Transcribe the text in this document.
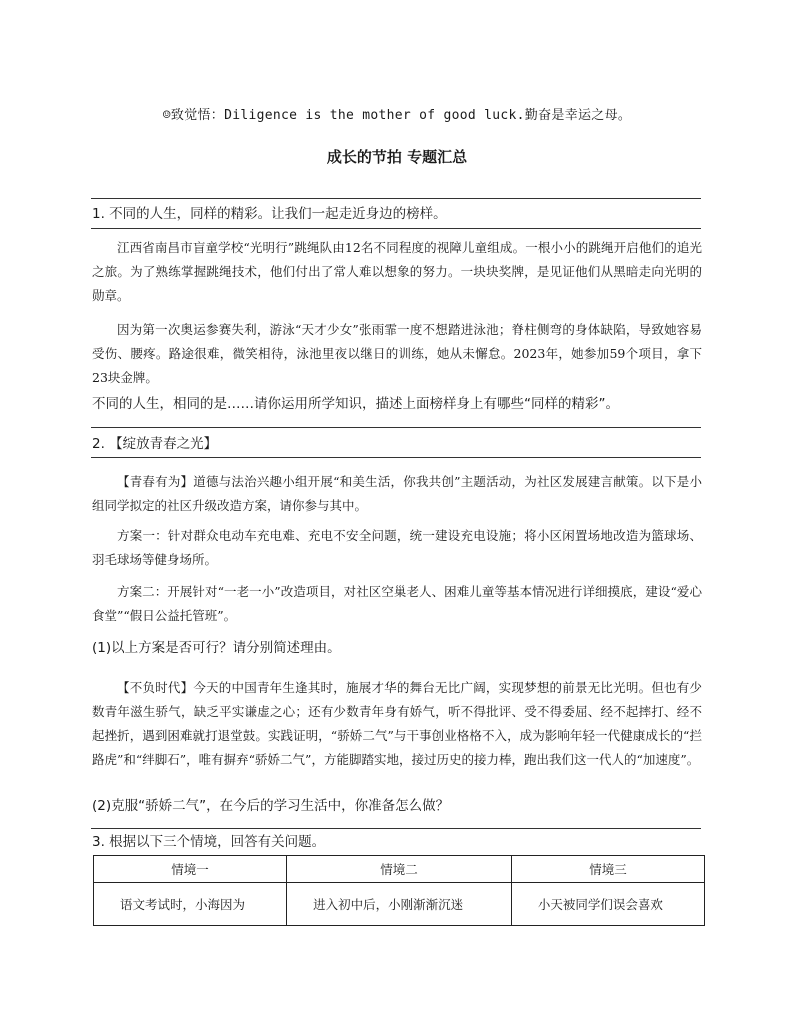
☺致觉悟：Diligence is the mother of good luck.勤奋是幸运之母。
成长的节拍 专题汇总
1. 不同的人生，同样的精彩。让我们一起走近身边的榜样。
江西省南昌市盲童学校“光明行”跳绳队由12名不同程度的视障儿童组成。一根小小的跳绳开启他们的追光之旅。为了熟练掌握跳绳技术，他们付出了常人难以想象的努力。一块块奖牌，是见证他们从黑暗走向光明的勋章。
因为第一次奥运参赛失利，游泳“天才少女”张雨霏一度不想踏进泳池；脊柱侧弯的身体缺陷，导致她容易受伤、腰疼。路途很难，微笑相待，泳池里夜以继日的训练，她从未懈怠。2023年，她参加59个项目，拿下23块金牌。
不同的人生，相同的是……请你运用所学知识，描述上面榜样身上有哪些“同样的精彩”。
2. 【绽放青春之光】
【青春有为】道德与法治兴趣小组开展“和美生活，你我共创”主题活动，为社区发展建言献策。以下是小组同学拟定的社区升级改造方案，请你参与其中。
方案一：针对群众电动车充电难、充电不安全问题，统一建设充电设施；将小区闲置场地改造为篮球场、羽毛球场等健身场所。
方案二：开展针对“一老一小”改造项目，对社区空巢老人、困难儿童等基本情况进行详细摸底，建设“爱心食堂”“假日公益托管班”。
(1)以上方案是否可行？请分别简述理由。
【不负时代】今天的中国青年生逢其时，施展才华的舞台无比广阔，实现梦想的前景无比光明。但也有少数青年滋生骄气，缺乏平实谦虚之心；还有少数青年身有娇气，听不得批评、受不得委屈、经不起摔打、经不起挫折，遇到困难就打退堂鼓。实践证明，“骄娇二气”与干事创业格格不入，成为影响年轻一代健康成长的“拦路虎”和“绊脚石”，唯有摒弃“骄娇二气”，方能脚踏实地，接过历史的接力棒，跑出我们这一代人的“加速度”。
(2)克服“骄娇二气”，在今后的学习生活中，你准备怎么做？
3. 根据以下三个情境，回答有关问题。
情境一	情境二	情境三

语文考试时，小海因为	进入初中后，小刚渐渐沉迷	小天被同学们误会喜欢
